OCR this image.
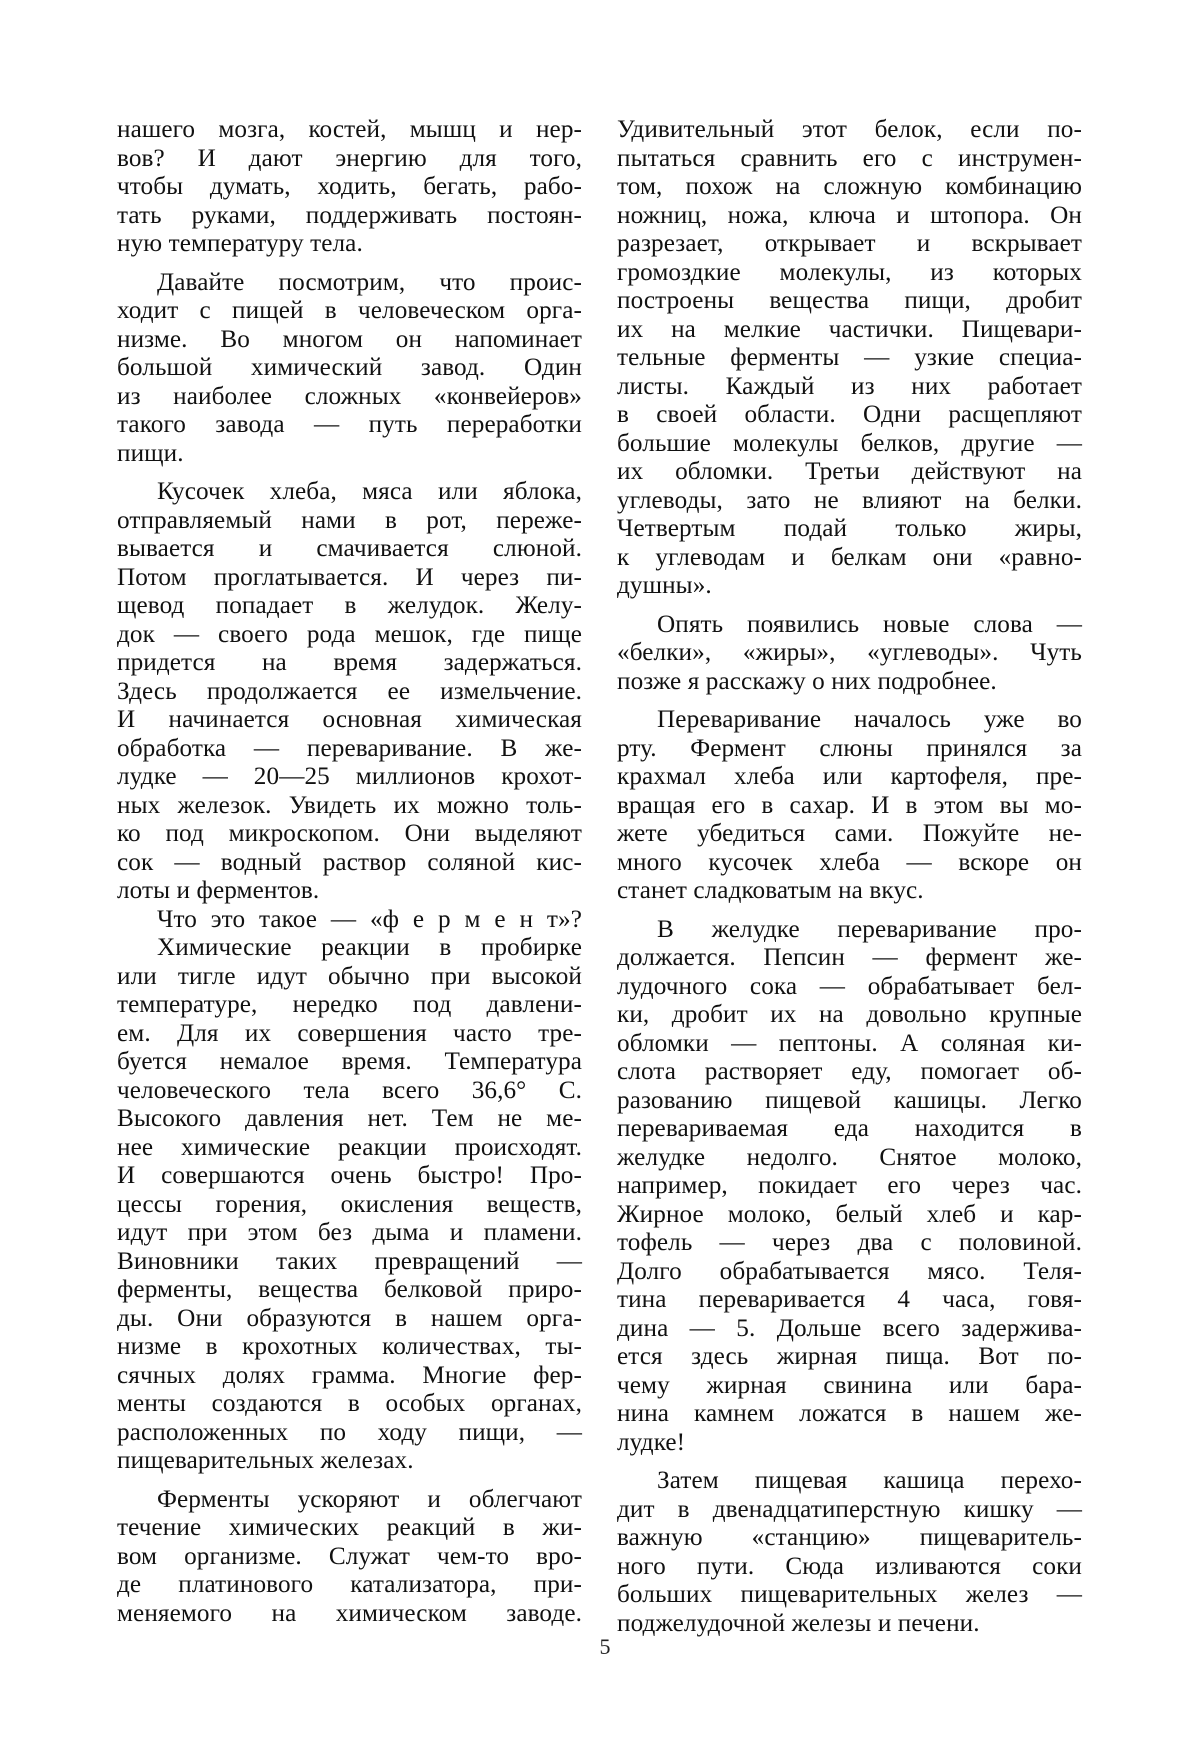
нашего мозга, костей, мышц и нер-
вов? И дают энергию для того,
чтобы думать, ходить, бегать, рабо-
тать руками, поддерживать постоян-
ную температуру тела.
Давайте посмотрим, что проис-
ходит с пищей в человеческом орга-
низме. Во многом он напоминает
большой химический завод. Один
из наиболее сложных «конвейеров»
такого завода — путь переработки
пищи.
Кусочек хлеба, мяса или яблока,
отправляемый нами в рот, переже-
вывается и смачивается слюной.
Потом проглатывается. И через пи-
щевод попадает в желудок. Желу-
док — своего рода мешок, где пище
придется на время задержаться.
Здесь продолжается ее измельчение.
И начинается основная химическая
обработка — переваривание. В же-
лудке — 20—25 миллионов крохот-
ных железок. Увидеть их можно толь-
ко под микроскопом. Они выделяют
сок — водный раствор соляной кис-
лоты и ферментов.
Что это такое — «ф е р м е н т»?
Химические реакции в пробирке
или тигле идут обычно при высокой
температуре, нередко под давлени-
ем. Для их совершения часто тре-
буется немалое время. Температура
человеческого тела всего 36,6° С.
Высокого давления нет. Тем не ме-
нее химические реакции происходят.
И совершаются очень быстро! Про-
цессы горения, окисления веществ,
идут при этом без дыма и пламени.
Виновники таких превращений —
ферменты, вещества белковой приро-
ды. Они образуются в нашем орга-
низме в крохотных количествах, ты-
сячных долях грамма. Многие фер-
менты создаются в особых органах,
расположенных по ходу пищи, —
пищеварительных железах.
Ферменты ускоряют и облегчают
течение химических реакций в жи-
вом организме. Служат чем-то вро-
де платинового катализатора, при-
меняемого на химическом заводе.
Удивительный этот белок, если по-
пытаться сравнить его с инструмен-
том, похож на сложную комбинацию
ножниц, ножа, ключа и штопора. Он
разрезает, открывает и вскрывает
громоздкие молекулы, из которых
построены вещества пищи, дробит
их на мелкие частички. Пищевари-
тельные ферменты — узкие специа-
листы. Каждый из них работает
в своей области. Одни расщепляют
большие молекулы белков, другие —
их обломки. Третьи действуют на
углеводы, зато не влияют на белки.
Четвертым подай только жиры,
к углеводам и белкам они «равно-
душны».
Опять появились новые слова —
«белки», «жиры», «углеводы». Чуть
позже я расскажу о них подробнее.
Переваривание началось уже во
рту. Фермент слюны принялся за
крахмал хлеба или картофеля, пре-
вращая его в сахар. И в этом вы мо-
жете убедиться сами. Пожуйте не-
много кусочек хлеба — вскоре он
станет сладковатым на вкус.
В желудке переваривание про-
должается. Пепсин — фермент же-
лудочного сока — обрабатывает бел-
ки, дробит их на довольно крупные
обломки — пептоны. А соляная ки-
слота растворяет еду, помогает об-
разованию пищевой кашицы. Легко
перевариваемая еда находится в
желудке недолго. Снятое молоко,
например, покидает его через час.
Жирное молоко, белый хлеб и кар-
тофель — через два с половиной.
Долго обрабатывается мясо. Теля-
тина переваривается 4 часа, говя-
дина — 5. Дольше всего задержива-
ется здесь жирная пища. Вот по-
чему жирная свинина или бара-
нина камнем ложатся в нашем же-
лудке!
Затем пищевая кашица перехо-
дит в двенадцатиперстную кишку —
важную «станцию» пищеваритель-
ного пути. Сюда изливаются соки
больших пищеварительных желез —
поджелудочной железы и печени.
5
